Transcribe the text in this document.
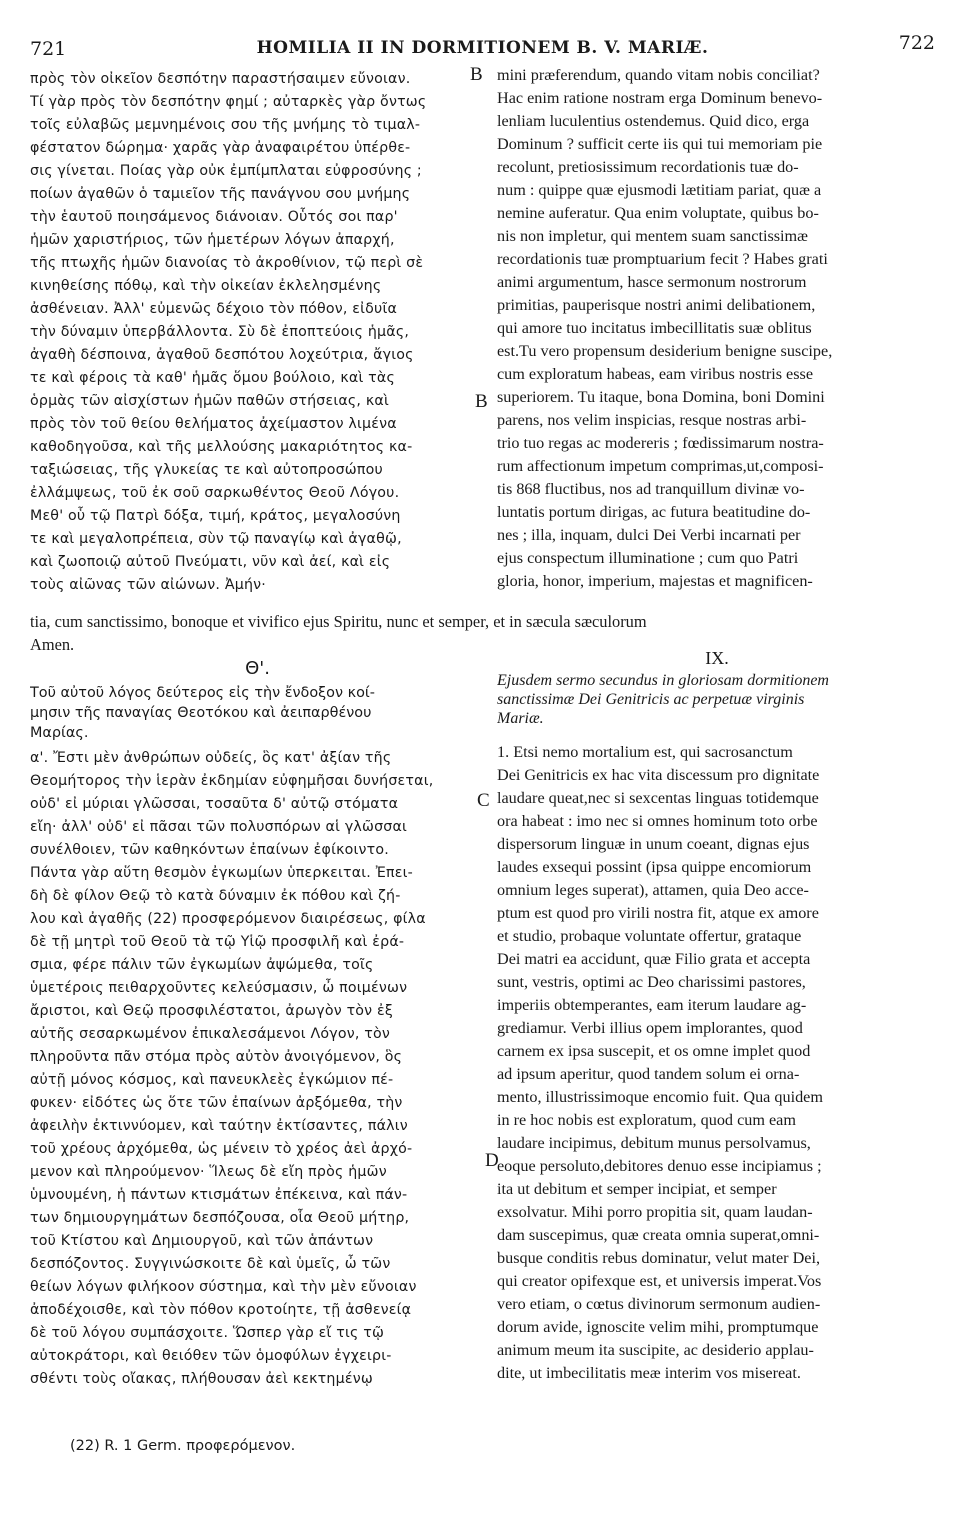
721	HOMILIA II IN DORMITIONEM B. V. MARIÆ.	722
B
B
C
D
πρὸς τὸν οἰκεῖον δεσπότην παραστήσαιμεν εὔνοιαν.
Τί γὰρ πρὸς τὸν δεσπότην φημί ; αὐταρκὲς γὰρ ὄντως
τοῖς εὐλαβῶς μεμνημένοις σου τῆς μνήμης τὸ τιμαλ-
φέστατον δώρημα· χαρᾶς γὰρ ἀναφαιρέτου ὑπέρθε-
σις γίνεται. Ποίας γὰρ οὐκ ἐμπίμπλαται εὐφροσύνης ;
ποίων ἀγαθῶν ὁ ταμιεῖον τῆς πανάγνου σου μνήμης
τὴν ἑαυτοῦ ποιησάμενος διάνοιαν. Οὗτός σοι παρ'
ἡμῶν χαριστήριος, τῶν ἡμετέρων λόγων ἀπαρχή,
τῆς πτωχῆς ἡμῶν διανοίας τὸ ἀκροθίνιον, τῷ περὶ σὲ
κινηθείσης πόθῳ, καὶ τὴν οἰκείαν ἐκλελησμένης
ἀσθένειαν. Ἀλλ' εὐμενῶς δέχοιο τὸν πόθον, εἰδυῖα
τὴν δύναμιν ὑπερβάλλοντα. Σὺ δὲ ἐποπτεύοις ἡμᾶς,
ἀγαθὴ δέσποινα, ἀγαθοῦ δεσπότου λοχεύτρια, ἄγιος
τε καὶ φέροις τὰ καθ' ἡμᾶς ὅμου βούλοιο, καὶ τὰς
ὁρμὰς τῶν αἰσχίστων ἡμῶν παθῶν στήσειας, καὶ
πρὸς τὸν τοῦ θείου θελήματος ἀχείμαστον λιμένα
καθοδηγοῦσα, καὶ τῆς μελλούσης μακαριότητος κα-
ταξιώσειας, τῆς γλυκείας τε καὶ αὐτοπροσώπου
ἐλλάμψεως, τοῦ ἐκ σοῦ σαρκωθέντος Θεοῦ Λόγου.
Μεθ' οὗ τῷ Πατρὶ δόξα, τιμή, κράτος, μεγαλοσύνη
τε καὶ μεγαλοπρέπεια, σὺν τῷ παναγίῳ καὶ ἀγαθῷ,
καὶ ζωοποιῷ αὐτοῦ Πνεύματι, νῦν καὶ ἀεί, καὶ εἰς
τοὺς αἰῶνας τῶν αἰώνων. Ἀμήν·
mini præferendum, quando vitam nobis conciliat?
Hac enim ratione nostram erga Dominum benevo-
lenliam luculentius ostendemus. Quid dico, erga
Dominum ? sufficit certe iis qui tui memoriam pie
recolunt, pretiosissimum recordationis tuæ do-
num : quippe quæ ejusmodi lætitiam pariat, quæ a
nemine auferatur. Qua enim voluptate, quibus bo-
nis non impletur, qui mentem suam sanctissimæ
recordationis tuæ promptuarium fecit ? Habes grati
animi argumentum, hasce sermonum nostrorum
primitias, pauperisque nostri animi delibationem,
qui amore tuo incitatus imbecillitatis suæ oblitus
est.Tu vero propensum desiderium benigne suscipe,
cum exploratum habeas, eam viribus nostris esse
superiorem. Tu itaque, bona Domina, boni Domini
parens, nos velim inspicias, resque nostras arbi-
trio tuo regas ac modereris ; fœdissimarum nostra-
rum affectionum impetum comprimas,ut,composi-
tis 868 fluctibus, nos ad tranquillum divinæ vo-
luntatis portum dirigas, ac futura beatitudine do-
nes ; illa, inquam, dulci Dei Verbi incarnati per
ejus conspectum illuminatione ; cum quo Patri
gloria, honor, imperium, majestas et magnificen-
tia, cum sanctissimo, bonoque et vivifico ejus Spiritu, nunc et semper, et in sæcula sæculorum
Amen.
Θ'.	IX.
Τοῦ αὐτοῦ λόγος δεύτερος εἰς τὴν ἔνδοξον κοί-
μησιν τῆς παναγίας Θεοτόκου καὶ ἀειπαρθένου
Μαρίας.
Ejusdem sermo secundus in gloriosam dormitionem
sanctissimæ Dei Genitricis ac perpetuæ virginis
Mariæ.
α'. Ἔστι μὲν ἀνθρώπων οὐδείς, ὃς κατ' ἀξίαν τῆς
Θεομήτορος τὴν ἱερὰν ἐκδημίαν εὐφημῆσαι δυνήσεται,
οὐδ' εἰ μύριαι γλῶσσαι, τοσαῦτα δ' αὐτῷ στόματα
εἴη· ἀλλ' οὐδ' εἰ πᾶσαι τῶν πολυσπόρων αἱ γλῶσσαι
συνέλθοιεν, τῶν καθηκόντων ἐπαίνων ἐφίκοιντο.
Πάντα γὰρ αὕτη θεσμὸν ἐγκωμίων ὑπερκειται. Ἐπει-
δὴ δὲ φίλον Θεῷ τὸ κατὰ δύναμιν ἐκ πόθου καὶ ζή-
λου καὶ ἀγαθῆς (22) προσφερόμενον διαιρέσεως, φίλα
δὲ τῇ μητρὶ τοῦ Θεοῦ τὰ τῷ Υἱῷ προσφιλῆ καὶ ἐρά-
σμια, φέρε πάλιν τῶν ἐγκωμίων ἀψώμεθα, τοῖς
ὑμετέροις πειθαρχοῦντες κελεύσμασιν, ὦ ποιμένων
ἄριστοι, καὶ Θεῷ προσφιλέστατοι, ἀρωγὸν τὸν ἐξ
αὐτῆς σεσαρκωμένον ἐπικαλεσάμενοι Λόγον, τὸν
πληροῦντα πᾶν στόμα πρὸς αὐτὸν ἀνοιγόμενον, ὃς
αὐτῇ μόνος κόσμος, καὶ πανευκλεὲς ἐγκώμιον πέ-
φυκεν· εἰδότες ὡς ὅτε τῶν ἐπαίνων ἀρξόμεθα, τὴν
ἀφειλὴν ἐκτιννύομεν, καὶ ταύτην ἐκτίσαντες, πάλιν
τοῦ χρέους ἀρχόμεθα, ὡς μένειν τὸ χρέος ἀεὶ ἀρχό-
μενον καὶ πληρούμενον· Ἵλεως δὲ εἴη πρὸς ἡμῶν
ὑμνουμένη, ἡ πάντων κτισμάτων ἐπέκεινα, καὶ πάν-
των δημιουργημάτων δεσπόζουσα, οἷα Θεοῦ μήτηρ,
τοῦ Κτίστου καὶ Δημιουργοῦ, καὶ τῶν ἁπάντων
δεσπόζοντος. Συγγινώσκοιτε δὲ καὶ ὑμεῖς, ὦ τῶν
θείων λόγων φιλήκοον σύστημα, καὶ τὴν μὲν εὔνοιαν
ἀποδέχοισθε, καὶ τὸν πόθον κροτοίητε, τῇ ἀσθενείᾳ
δὲ τοῦ λόγου συμπάσχοιτε. Ὥσπερ γὰρ εἴ τις τῷ
αὐτοκράτορι, καὶ θειόθεν τῶν ὁμοφύλων ἐγχειρι-
σθέντι τοὺς οἴακας, πλήθουσαν ἀεὶ κεκτημένῳ
1. Etsi nemo mortalium est, qui sacrosanctum
Dei Genitricis ex hac vita discessum pro dignitate
laudare queat,nec si sexcentas linguas totidemque
ora habeat : imo nec si omnes hominum toto orbe
dispersorum linguæ in unum coeant, dignas ejus
laudes exsequi possint (ipsa quippe encomiorum
omnium leges superat), attamen, quia Deo acce-
ptum est quod pro virili nostra fit, atque ex amore
et studio, probaque voluntate offertur, grataque
Dei matri ea accidunt, quæ Filio grata et accepta
sunt, vestris, optimi ac Deo charissimi pastores,
imperiis obtemperantes, eam iterum laudare ag-
grediamur. Verbi illius opem implorantes, quod
carnem ex ipsa suscepit, et os omne implet quod
ad ipsum aperitur, quod tandem solum ei orna-
mento, illustrissimoque encomio fuit. Qua quidem
in re hoc nobis est exploratum, quod cum eam
laudare incipimus, debitum munus persolvamus,
eoque persoluto,debitores denuo esse incipiamus ;
ita ut debitum et semper incipiat, et semper
exsolvatur. Mihi porro propitia sit, quam laudan-
dam suscepimus, quæ creata omnia superat,omni-
busque conditis rebus dominatur, velut mater Dei,
qui creator opifexque est, et universis imperat.Vos
vero etiam, o cœtus divinorum sermonum audien-
dorum avide, ignoscite velim mihi, promptumque
animum meum ita suscipite, ac desiderio applau-
dite, ut imbecilitatis meæ interim vos misereat.
(22) R. 1 Germ. προφερόμενον.
